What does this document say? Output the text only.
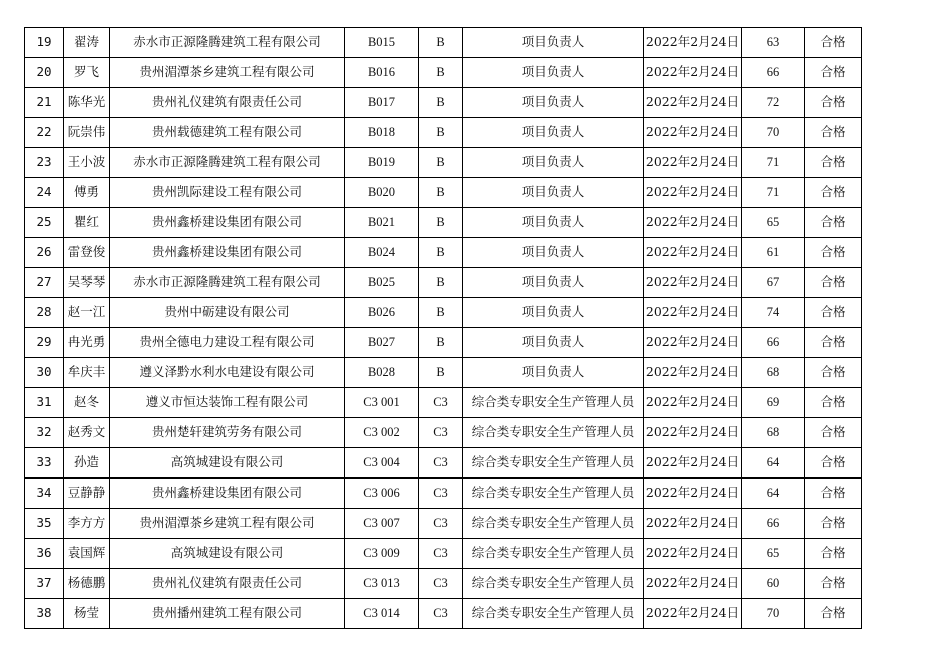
19	翟涛	赤水市正源隆腾建筑工程有限公司	B015	B	项目负责人	2022年2月24日	63	合格
20	罗飞	贵州湄潭茶乡建筑工程有限公司	B016	B	项目负责人	2022年2月24日	66	合格
21	陈华光	贵州礼仪建筑有限责任公司	B017	B	项目负责人	2022年2月24日	72	合格
22	阮崇伟	贵州载德建筑工程有限公司	B018	B	项目负责人	2022年2月24日	70	合格
23	王小波	赤水市正源隆腾建筑工程有限公司	B019	B	项目负责人	2022年2月24日	71	合格
24	傅勇	贵州凯际建设工程有限公司	B020	B	项目负责人	2022年2月24日	71	合格
25	瞿红	贵州鑫桥建设集团有限公司	B021	B	项目负责人	2022年2月24日	65	合格
26	雷登俊	贵州鑫桥建设集团有限公司	B024	B	项目负责人	2022年2月24日	61	合格
27	吴琴琴	赤水市正源隆腾建筑工程有限公司	B025	B	项目负责人	2022年2月24日	67	合格
28	赵一江	贵州中砺建设有限公司	B026	B	项目负责人	2022年2月24日	74	合格
29	冉光勇	贵州全德电力建设工程有限公司	B027	B	项目负责人	2022年2月24日	66	合格
30	牟庆丰	遵义泽黔水利水电建设有限公司	B028	B	项目负责人	2022年2月24日	68	合格
31	赵冬	遵义市恒达装饰工程有限公司	C3 001	C3	综合类专职安全生产管理人员	2022年2月24日	69	合格
32	赵秀文	贵州楚轩建筑劳务有限公司	C3 002	C3	综合类专职安全生产管理人员	2022年2月24日	68	合格
33	孙造	高筑城建设有限公司	C3 004	C3	综合类专职安全生产管理人员	2022年2月24日	64	合格
34	豆静静	贵州鑫桥建设集团有限公司	C3 006	C3	综合类专职安全生产管理人员	2022年2月24日	64	合格
35	李方方	贵州湄潭茶乡建筑工程有限公司	C3 007	C3	综合类专职安全生产管理人员	2022年2月24日	66	合格
36	袁国辉	高筑城建设有限公司	C3 009	C3	综合类专职安全生产管理人员	2022年2月24日	65	合格
37	杨德鹏	贵州礼仪建筑有限责任公司	C3 013	C3	综合类专职安全生产管理人员	2022年2月24日	60	合格
38	杨莹	贵州播州建筑工程有限公司	C3 014	C3	综合类专职安全生产管理人员	2022年2月24日	70	合格
